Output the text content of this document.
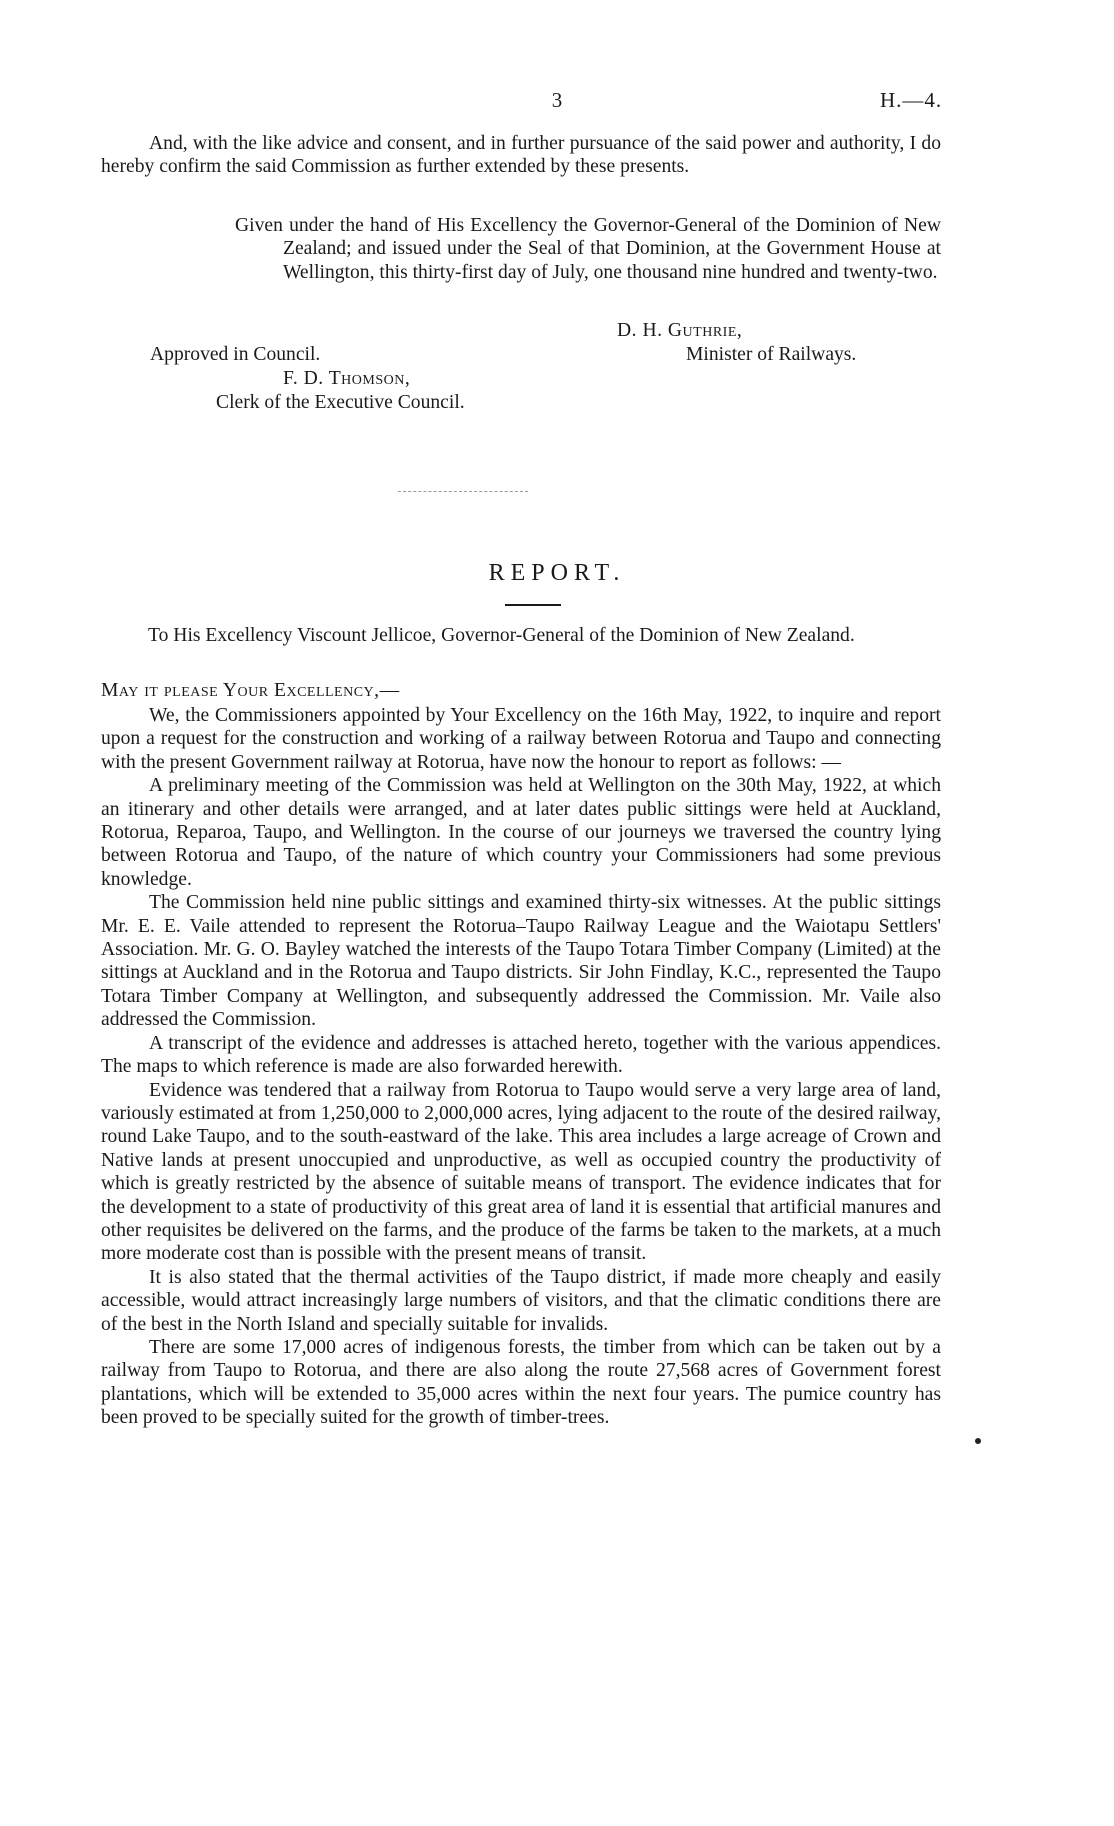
3	H.—4.

And, with the like advice and consent, and in further pursuance of the said power and authority, I do hereby confirm the said Commission as further extended by these presents.

Given under the hand of His Excellency the Governor-General of the Dominion of New Zealand; and issued under the Seal of that Dominion, at the Government House at Wellington, this thirty-first day of July, one thousand nine hundred and twenty-two.

D. H. Guthrie,
Minister of Railways.
Approved in Council.
F. D. Thomson,
Clerk of the Executive Council.
REPORT.

To His Excellency Viscount Jellicoe, Governor-General of the Dominion of New Zealand.

May it please Your Excellency,—

We, the Commissioners appointed by Your Excellency on the 16th May, 1922, to inquire and report upon a request for the construction and working of a railway between Rotorua and Taupo and connecting with the present Government railway at Rotorua, have now the honour to report as follows: —

A preliminary meeting of the Commission was held at Wellington on the 30th May, 1922, at which an itinerary and other details were arranged, and at later dates public sittings were held at Auckland, Rotorua, Reparoa, Taupo, and Wellington. In the course of our journeys we traversed the country lying between Rotorua and Taupo, of the nature of which country your Commissioners had some previous knowledge.

The Commission held nine public sittings and examined thirty-six witnesses. At the public sittings Mr. E. E. Vaile attended to represent the Rotorua–Taupo Railway League and the Waiotapu Settlers' Association. Mr. G. O. Bayley watched the interests of the Taupo Totara Timber Company (Limited) at the sittings at Auckland and in the Rotorua and Taupo districts. Sir John Findlay, K.C., represented the Taupo Totara Timber Company at Wellington, and subsequently addressed the Commission. Mr. Vaile also addressed the Commission.

A transcript of the evidence and addresses is attached hereto, together with the various appendices. The maps to which reference is made are also forwarded herewith.

Evidence was tendered that a railway from Rotorua to Taupo would serve a very large area of land, variously estimated at from 1,250,000 to 2,000,000 acres, lying adjacent to the route of the desired railway, round Lake Taupo, and to the south-eastward of the lake. This area includes a large acreage of Crown and Native lands at present unoccupied and unproductive, as well as occupied country the productivity of which is greatly restricted by the absence of suitable means of transport. The evidence indicates that for the development to a state of productivity of this great area of land it is essential that artificial manures and other requisites be delivered on the farms, and the produce of the farms be taken to the markets, at a much more moderate cost than is possible with the present means of transit.

It is also stated that the thermal activities of the Taupo district, if made more cheaply and easily accessible, would attract increasingly large numbers of visitors, and that the climatic conditions there are of the best in the North Island and specially suitable for invalids.

There are some 17,000 acres of indigenous forests, the timber from which can be taken out by a railway from Taupo to Rotorua, and there are also along the route 27,568 acres of Government forest plantations, which will be extended to 35,000 acres within the next four years. The pumice country has been proved to be specially suited for the growth of timber-trees.
